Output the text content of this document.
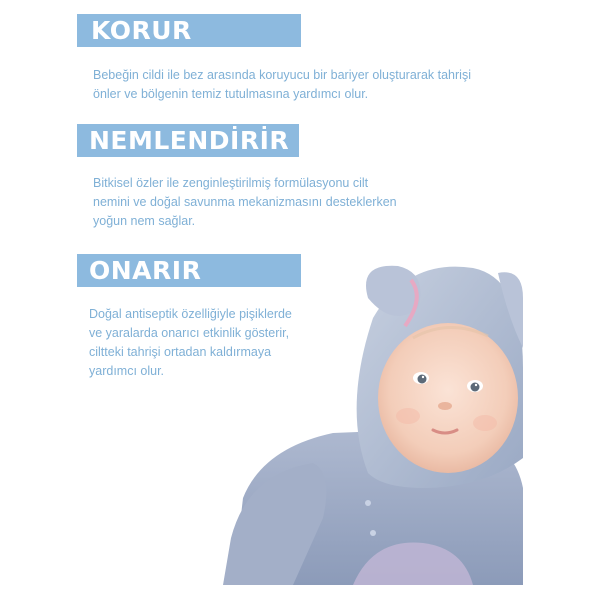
KORUR

Bebeğin cildi ile bez arasında koruyucu bir bariyer oluşturarak tahrişi
önler ve bölgenin temiz tutulmasına yardımcı olur.

NEMLENDİRİR

Bitkisel özler ile zenginleştirilmiş formülasyonu cilt
nemini ve doğal savunma mekanizmasını desteklerken
yoğun nem sağlar.

ONARIR

Doğal antiseptik özelliğiyle pişiklerde
ve yaralarda onarıcı etkinlik gösterir,
ciltteki tahrişi ortadan kaldırmaya
yardımcı olur.
